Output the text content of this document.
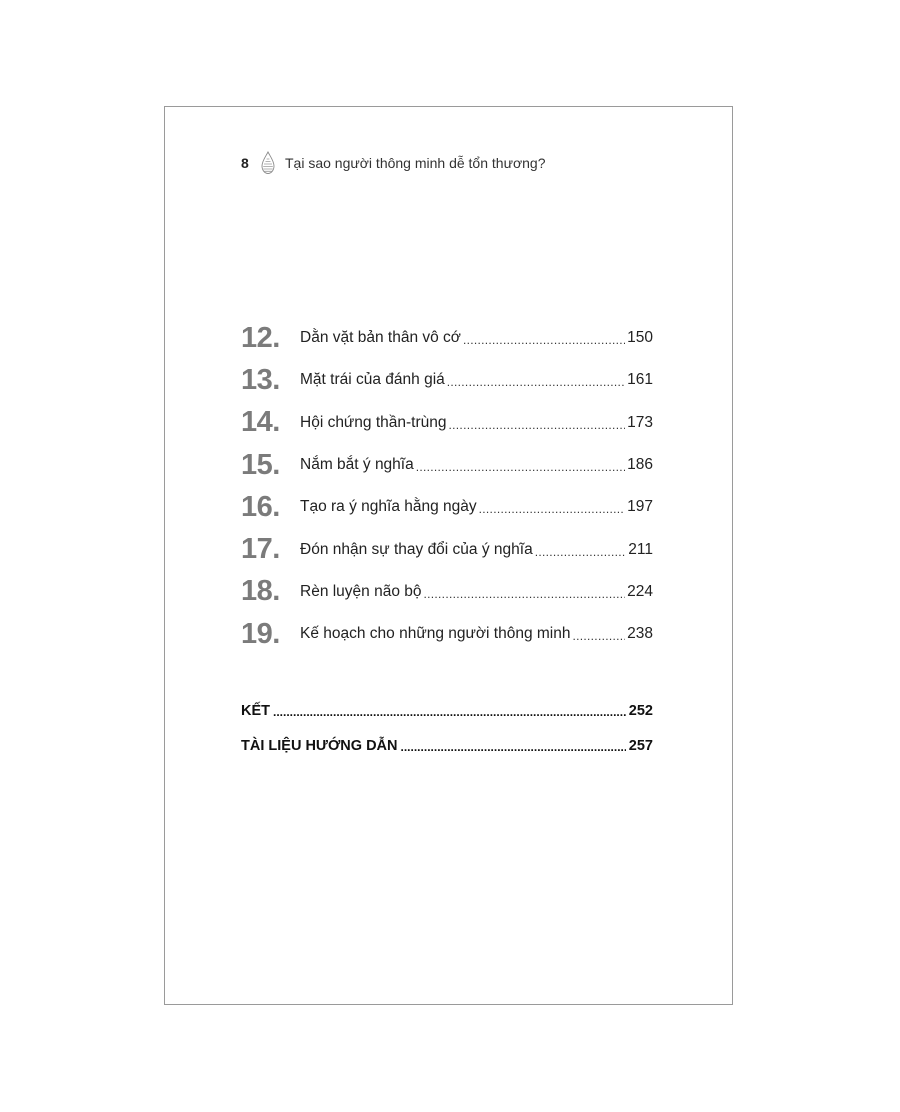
8	Tại sao người thông minh dễ tổn thương?
12.	Dằn vặt bản thân vô cớ .....	150
13.	Mặt trái của đánh giá .....	161
14.	Hội chứng thần-trùng .....	173
15.	Nắm bắt ý nghĩa .....	186
16.	Tạo ra ý nghĩa hằng ngày .....	197
17.	Đón nhận sự thay đổi của ý nghĩa .....	211
18.	Rèn luyện não bộ .....	224
19.	Kế hoạch cho những người thông minh .....	238
KẾT .....	252
TÀI LIỆU HƯỚNG DẪN .....	257
